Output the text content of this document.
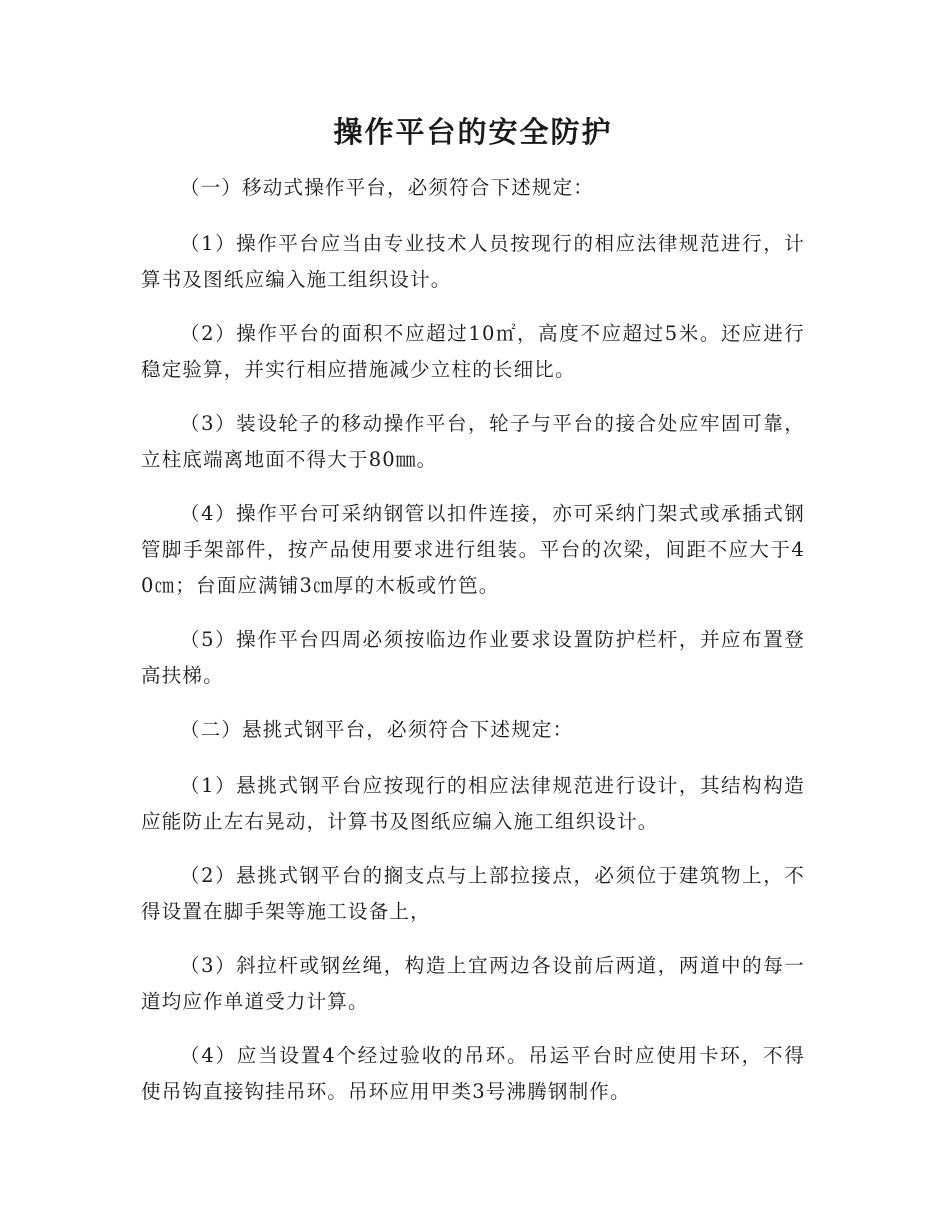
操作平台的安全防护

（一）移动式操作平台，必须符合下述规定：

（1）操作平台应当由专业技术人员按现行的相应法律规范进行，计算书及图纸应编入施工组织设计。

（2）操作平台的面积不应超过10㎡，高度不应超过5米。还应进行稳定验算，并实行相应措施减少立柱的长细比。

（3）装设轮子的移动操作平台，轮子与平台的接合处应牢固可靠，立柱底端离地面不得大于80㎜。

（4）操作平台可采纳钢管以扣件连接，亦可采纳门架式或承插式钢管脚手架部件，按产品使用要求进行组装。平台的次梁，间距不应大于40㎝；台面应满铺3㎝厚的木板或竹笆。

（5）操作平台四周必须按临边作业要求设置防护栏杆，并应布置登高扶梯。

（二）悬挑式钢平台，必须符合下述规定：

（1）悬挑式钢平台应按现行的相应法律规范进行设计，其结构构造应能防止左右晃动，计算书及图纸应编入施工组织设计。

（2）悬挑式钢平台的搁支点与上部拉接点，必须位于建筑物上，不得设置在脚手架等施工设备上，

（3）斜拉杆或钢丝绳，构造上宜两边各设前后两道，两道中的每一道均应作单道受力计算。

（4）应当设置4个经过验收的吊环。吊运平台时应使用卡环，不得使吊钩直接钩挂吊环。吊环应用甲类3号沸腾钢制作。
